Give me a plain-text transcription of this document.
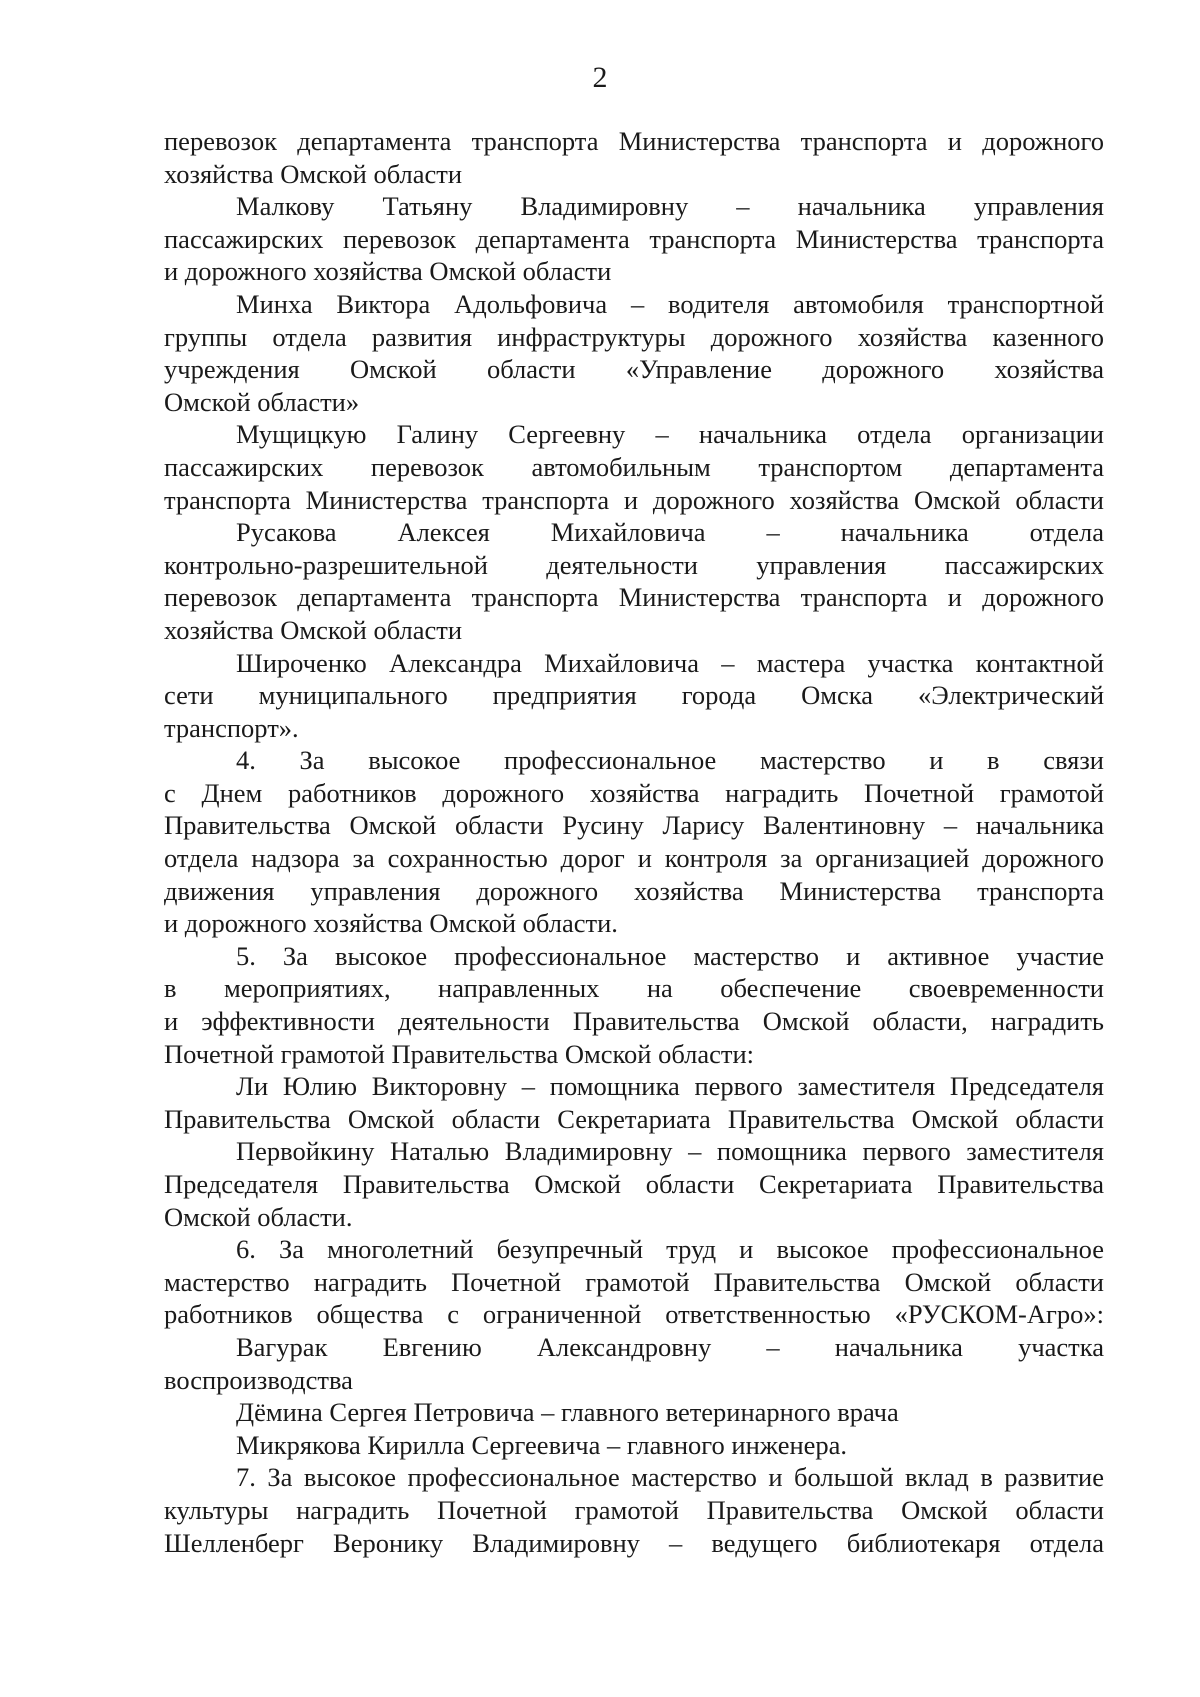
2
перевозок департамента транспорта Министерства транспорта и дорожного
хозяйства Омской области
Малкову Татьяну Владимировну – начальника управления
пассажирских перевозок департамента транспорта Министерства транспорта
и дорожного хозяйства Омской области
Минха Виктора Адольфовича – водителя автомобиля транспортной
группы отдела развития инфраструктуры дорожного хозяйства казенного
учреждения Омской области «Управление дорожного хозяйства
Омской области»
Мущицкую Галину Сергеевну – начальника отдела организации
пассажирских перевозок автомобильным транспортом департамента
транспорта Министерства транспорта и дорожного хозяйства Омской области
Русакова Алексея Михайловича – начальника отдела
контрольно-разрешительной деятельности управления пассажирских
перевозок департамента транспорта Министерства транспорта и дорожного
хозяйства Омской области
Широченко Александра Михайловича – мастера участка контактной
сети муниципального предприятия города Омска «Электрический
транспорт».
4. За высокое профессиональное мастерство и в связи
с Днем работников дорожного хозяйства наградить Почетной грамотой
Правительства Омской области Русину Ларису Валентиновну – начальника
отдела надзора за сохранностью дорог и контроля за организацией дорожного
движения управления дорожного хозяйства Министерства транспорта
и дорожного хозяйства Омской области.
5. За высокое профессиональное мастерство и активное участие
в мероприятиях, направленных на обеспечение своевременности
и эффективности деятельности Правительства Омской области, наградить
Почетной грамотой Правительства Омской области:
Ли Юлию Викторовну – помощника первого заместителя Председателя
Правительства Омской области Секретариата Правительства Омской области
Первойкину Наталью Владимировну – помощника первого заместителя
Председателя Правительства Омской области Секретариата Правительства
Омской области.
6. За многолетний безупречный труд и высокое профессиональное
мастерство наградить Почетной грамотой Правительства Омской области
работников общества с ограниченной ответственностью «РУСКОМ-Агро»:
Вагурак Евгению Александровну – начальника участка
воспроизводства
Дёмина Сергея Петровича – главного ветеринарного врача
Микрякова Кирилла Сергеевича – главного инженера.
7. За высокое профессиональное мастерство и большой вклад в развитие
культуры наградить Почетной грамотой Правительства Омской области
Шелленберг Веронику Владимировну – ведущего библиотекаря отдела
